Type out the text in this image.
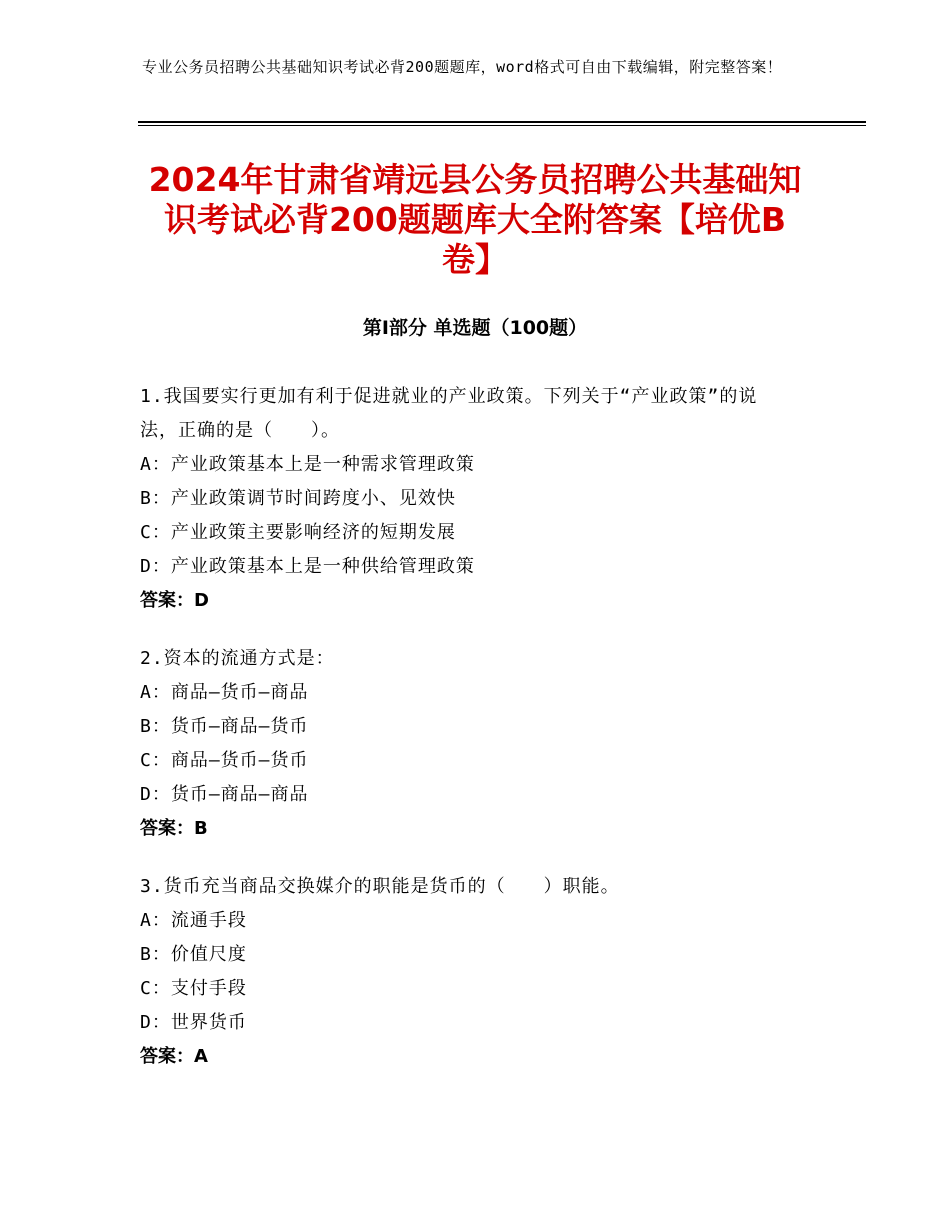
专业公务员招聘公共基础知识考试必背200题题库，word格式可自由下载编辑，附完整答案！
2024年甘肃省靖远县公务员招聘公共基础知识考试必背200题题库大全附答案【培优B卷】
第Ⅰ部分 单选题（100题）
1.我国要实行更加有利于促进就业的产业政策。下列关于“产业政策”的说法，正确的是（　　）。
A：产业政策基本上是一种需求管理政策
B：产业政策调节时间跨度小、见效快
C：产业政策主要影响经济的短期发展
D：产业政策基本上是一种供给管理政策
答案：D
2.资本的流通方式是：
A：商品—货币—商品
B：货币—商品—货币
C：商品—货币—货币
D：货币—商品—商品
答案：B
3.货币充当商品交换媒介的职能是货币的（　　）职能。
A：流通手段
B：价值尺度
C：支付手段
D：世界货币
答案：A
